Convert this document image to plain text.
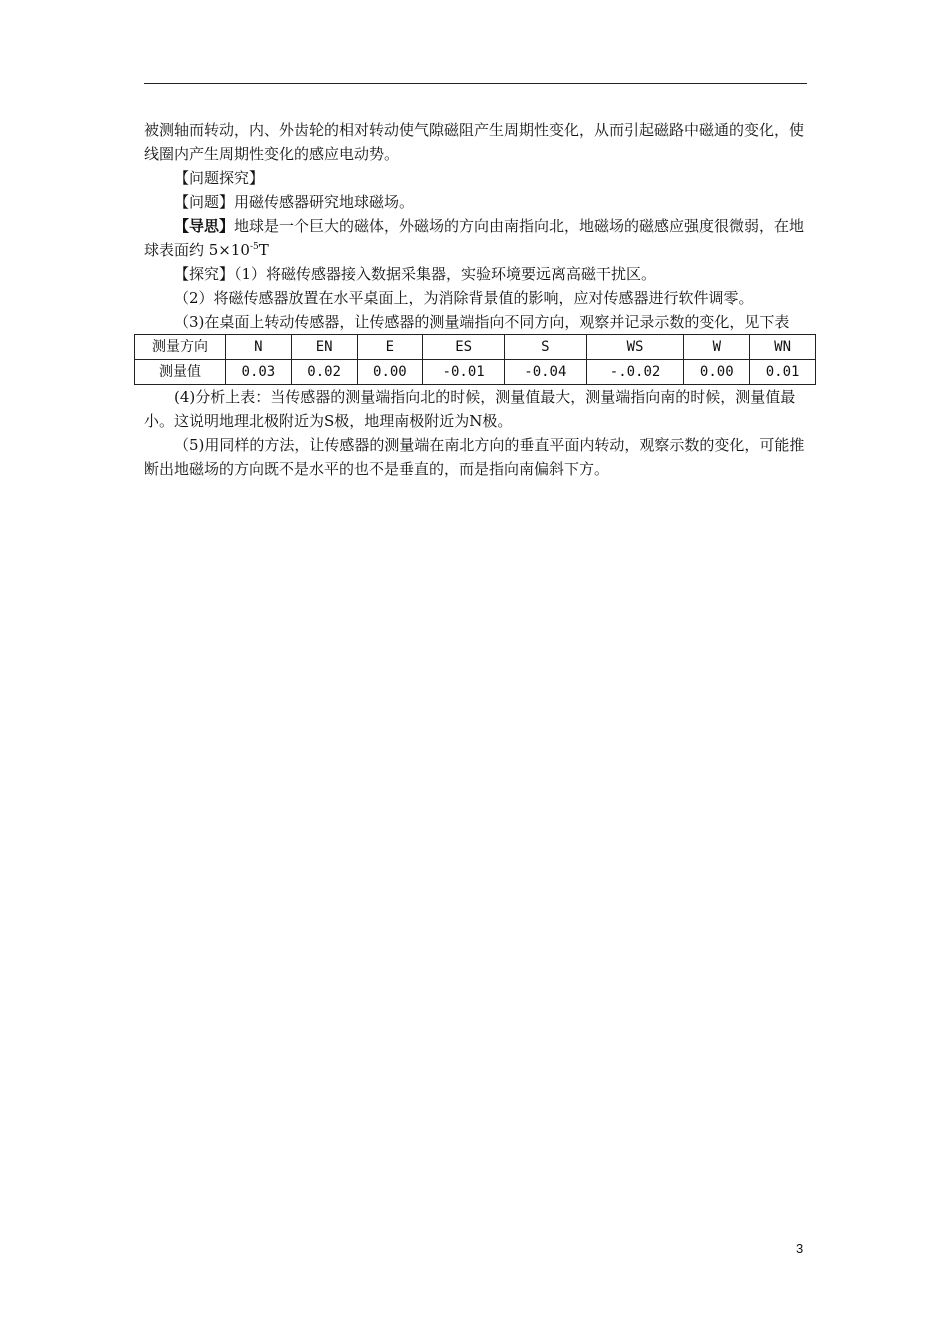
被测轴而转动，内、外齿轮的相对转动使气隙磁阻产生周期性变化，从而引起磁路中磁通的变化，使线圈内产生周期性变化的感应电动势。

【问题探究】

【问题】用磁传感器研究地球磁场。

【导思】地球是一个巨大的磁体，外磁场的方向由南指向北，地磁场的磁感应强度很微弱，在地球表面约 $5\times 10^{-5}T$

【探究】（1）将磁传感器接入数据采集器，实验环境要远离高磁干扰区。

（2）将磁传感器放置在水平桌面上，为消除背景值的影响，应对传感器进行软件调零。

（3)在桌面上转动传感器，让传感器的测量端指向不同方向，观察并记录示数的变化，见下表

测量方向	N	EN	E	ES	S	WS	W	WN
测量值	0.03	0.02	0.00	-0.01	-0.04	-.0.02	0.00	0.01

(4)分析上表：当传感器的测量端指向北的时候，测量值最大，测量端指向南的时候，测量值最小。这说明地理北极附近为S极，地理南极附近为N极。

（5)用同样的方法，让传感器的测量端在南北方向的垂直平面内转动，观察示数的变化，可能推断出地磁场的方向既不是水平的也不是垂直的，而是指向南偏斜下方。

3
